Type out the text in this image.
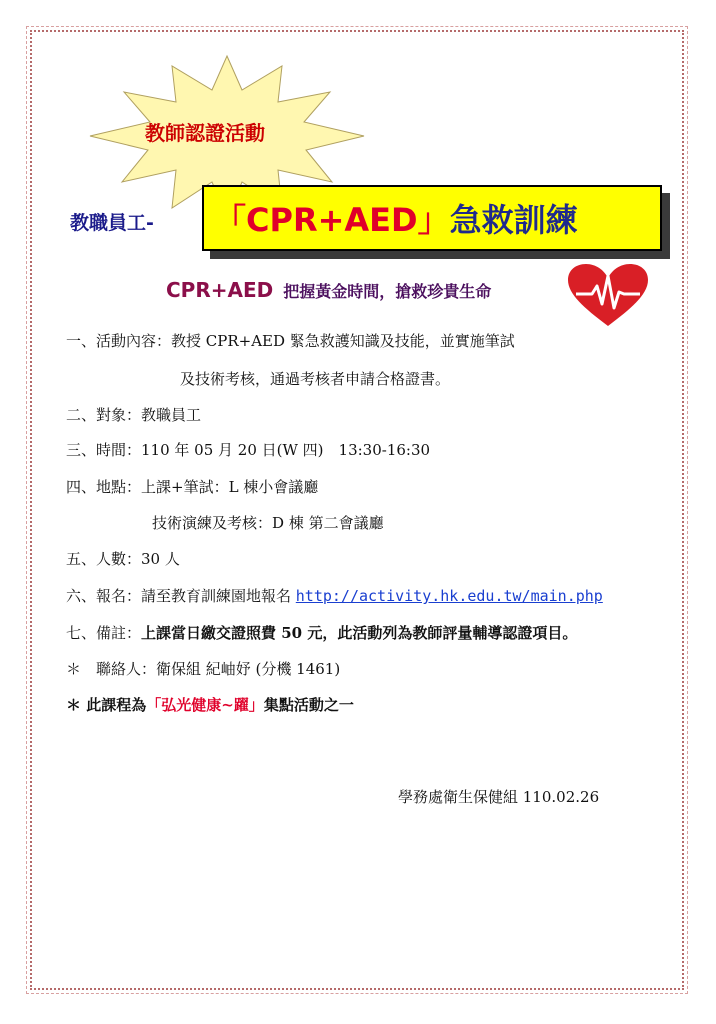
教師認證活動
教職員工- 「CPR+AED」急救訓練
CPR+AED 把握黃金時間，搶救珍貴生命
一、活動內容：教授 CPR+AED 緊急救護知識及技能，並實施筆試
及技術考核，通過考核者申請合格證書。
二、對象：教職員工
三、時間：110 年 05 月 20 日(W 四)　13:30-16:30
四、地點：上課+筆試：L 棟小會議廳
技術演練及考核：D 棟 第二會議廳
五、人數：30 人
六、報名：請至教育訓練園地報名 http://activity.hk.edu.tw/main.php
七、備註：上課當日繳交證照費 50 元，此活動列為教師評量輔導認證項目。
＊　聯絡人：衛保組 紀岫妤 (分機 1461)
＊ 此課程為「弘光健康~躍」集點活動之一
學務處衛生保健組 110.02.26
